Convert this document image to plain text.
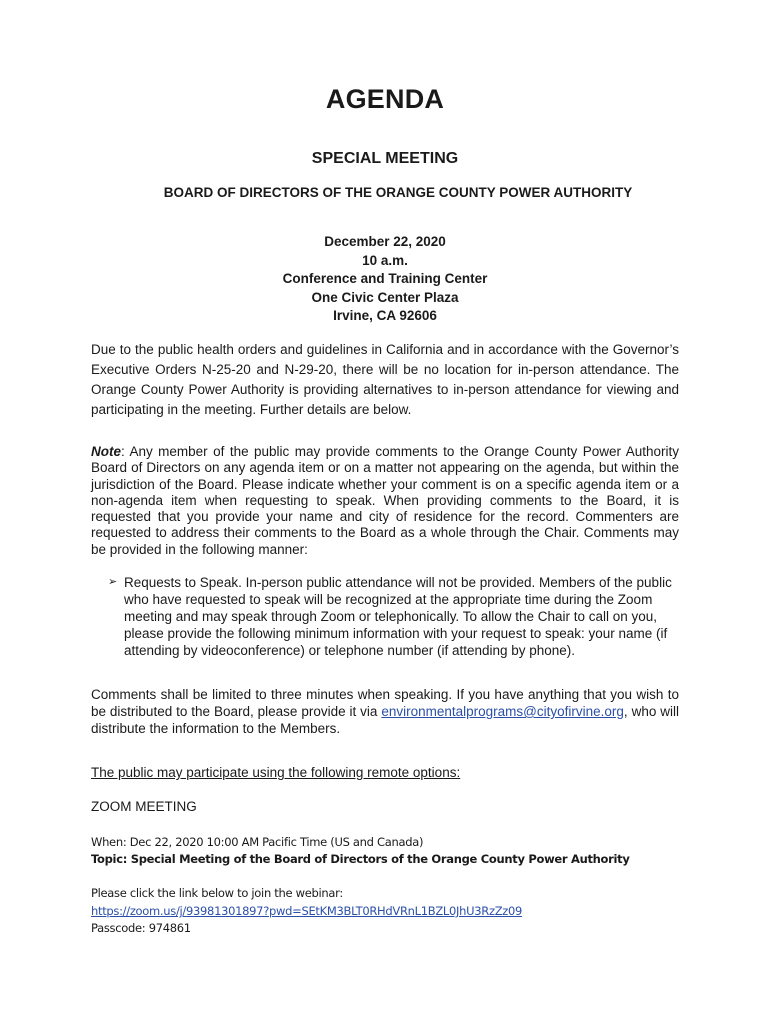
AGENDA
SPECIAL MEETING
BOARD OF DIRECTORS OF THE ORANGE COUNTY POWER AUTHORITY
December 22, 2020
10 a.m.
Conference and Training Center
One Civic Center Plaza
Irvine, CA 92606

Due to the public health orders and guidelines in California and in accordance with the Governor’s Executive Orders N-25-20 and N-29-20, there will be no location for in-person attendance. The Orange County Power Authority is providing alternatives to in-person attendance for viewing and participating in the meeting. Further details are below.

Note: Any member of the public may provide comments to the Orange County Power Authority Board of Directors on any agenda item or on a matter not appearing on the agenda, but within the jurisdiction of the Board. Please indicate whether your comment is on a specific agenda item or a non-agenda item when requesting to speak. When providing comments to the Board, it is requested that you provide your name and city of residence for the record. Commenters are requested to address their comments to the Board as a whole through the Chair. Comments may be provided in the following manner:

➢ Requests to Speak. In-person public attendance will not be provided. Members of the public who have requested to speak will be recognized at the appropriate time during the Zoom meeting and may speak through Zoom or telephonically. To allow the Chair to call on you, please provide the following minimum information with your request to speak: your name (if attending by videoconference) or telephone number (if attending by phone).

Comments shall be limited to three minutes when speaking. If you have anything that you wish to be distributed to the Board, please provide it via environmentalprograms@cityofirvine.org, who will distribute the information to the Members.

The public may participate using the following remote options:
ZOOM MEETING
When: Dec 22, 2020 10:00 AM Pacific Time (US and Canada)
Topic: Special Meeting of the Board of Directors of the Orange County Power Authority
Please click the link below to join the webinar:
https://zoom.us/j/93981301897?pwd=SEtKM3BLT0RHdVRnL1BZL0JhU3RzZz09
Passcode: 974861
